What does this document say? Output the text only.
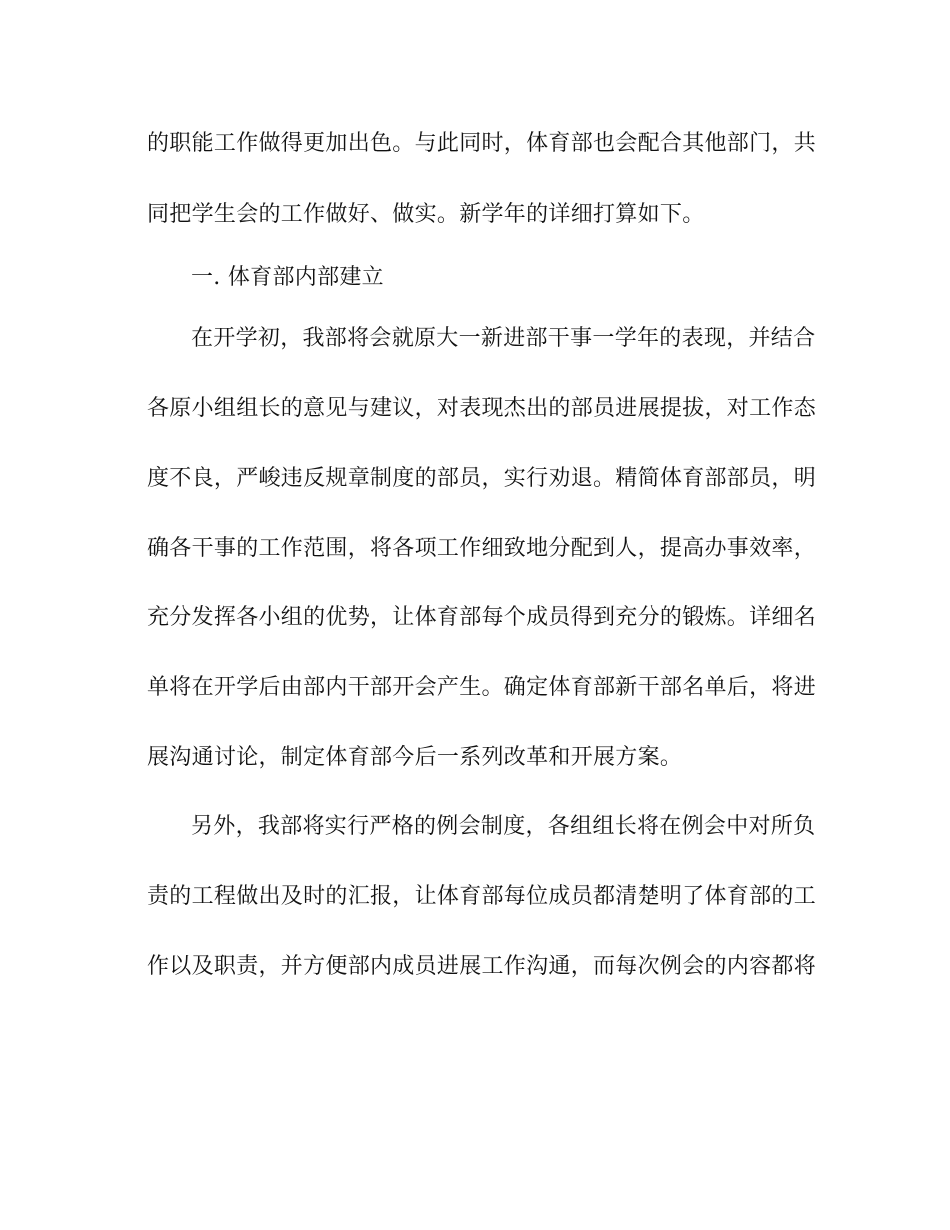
的职能工作做得更加出色。与此同时，体育部也会配合其他部门，共
同把学生会的工作做好、做实。新学年的详细打算如下。
一. 体育部内部建立
在开学初，我部将会就原大一新进部干事一学年的表现，并结合
各原小组组长的意见与建议，对表现杰出的部员进展提拔，对工作态
度不良，严峻违反规章制度的部员，实行劝退。精简体育部部员，明
确各干事的工作范围，将各项工作细致地分配到人，提高办事效率，
充分发挥各小组的优势，让体育部每个成员得到充分的锻炼。详细名
单将在开学后由部内干部开会产生。确定体育部新干部名单后，将进
展沟通讨论，制定体育部今后一系列改革和开展方案。
另外，我部将实行严格的例会制度，各组组长将在例会中对所负
责的工程做出及时的汇报，让体育部每位成员都清楚明了体育部的工
作以及职责，并方便部内成员进展工作沟通，而每次例会的内容都将
